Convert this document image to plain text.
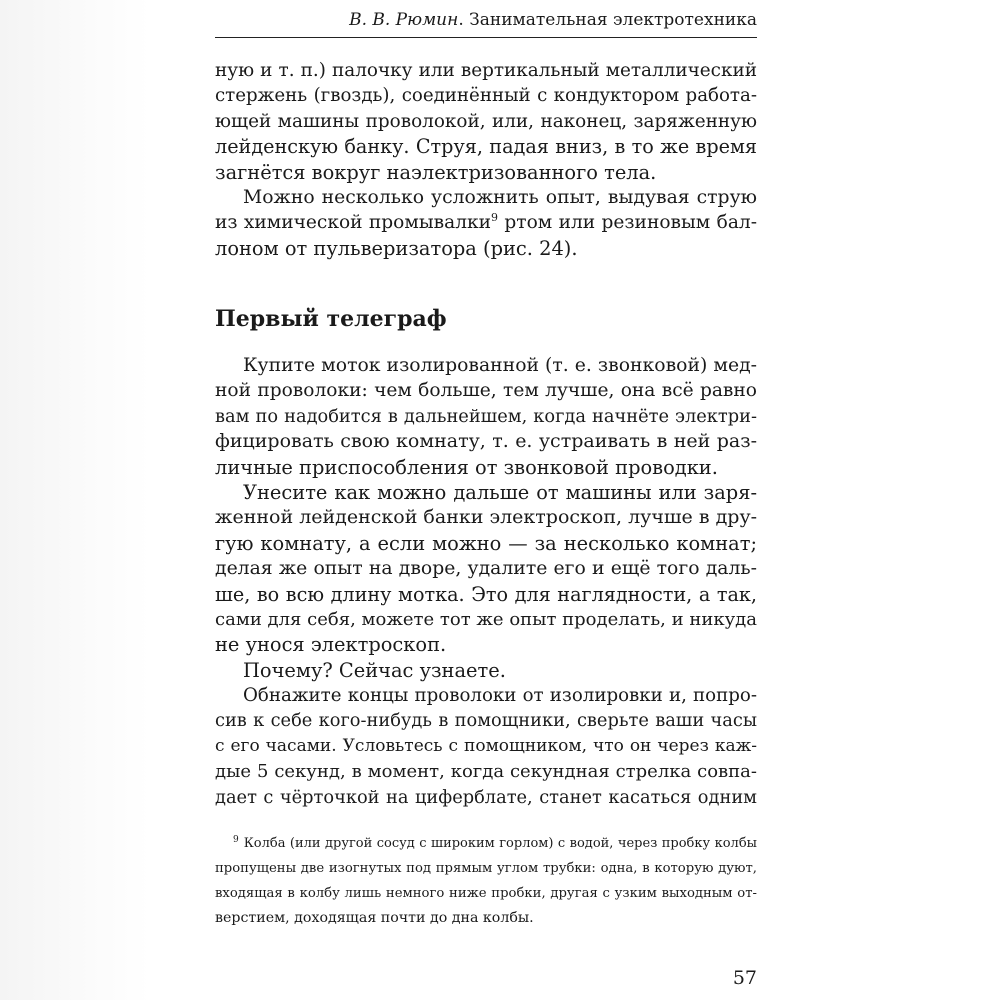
В. В. Рюмин. Занимательная электротехника
ную и т. п.) палочку или вертикальный металлический
стержень (гвоздь), соединённый с кондуктором работа-
ющей машины проволокой, или, наконец, заряженную
лейденскую банку. Струя, падая вниз, в то же время
загнётся вокруг наэлектризованного тела.
Можно несколько усложнить опыт, выдувая струю
из химической промывалки$^9$ ртом или резиновым бал-
лоном от пульверизатора (рис. 24).
Первый телеграф
Купите моток изолированной (т. е. звонковой) мед-
ной проволоки: чем больше, тем лучше, она всё равно
вам по надобится в дальнейшем, когда начнёте электри-
фицировать свою комнату, т. е. устраивать в ней раз-
личные приспособления от звонковой проводки.
Унесите как можно дальше от машины или заря-
женной лейденской банки электроскоп, лучше в дру-
гую комнату, а если можно — за несколько комнат;
делая же опыт на дворе, удалите его и ещё того даль-
ше, во всю длину мотка. Это для наглядности, а так,
сами для себя, можете тот же опыт проделать, и никуда
не унося электроскоп.
Почему? Сейчас узнаете.
Обнажите концы проволоки от изолировки и, попро-
сив к себе кого-нибудь в помощники, сверьте ваши часы
с его часами. Условьтесь с помощником, что он через каж-
дые 5 секунд, в момент, когда секундная стрелка совпа-
дает с чёрточкой на циферблате, станет касаться одним
$^9$ Колба (или другой сосуд с широким горлом) с водой, через пробку колбы
пропущены две изогнутых под прямым углом трубки: одна, в которую дуют,
входящая в колбу лишь немного ниже пробки, другая с узким выходным от-
верстием, доходящая почти до дна колбы.
57
